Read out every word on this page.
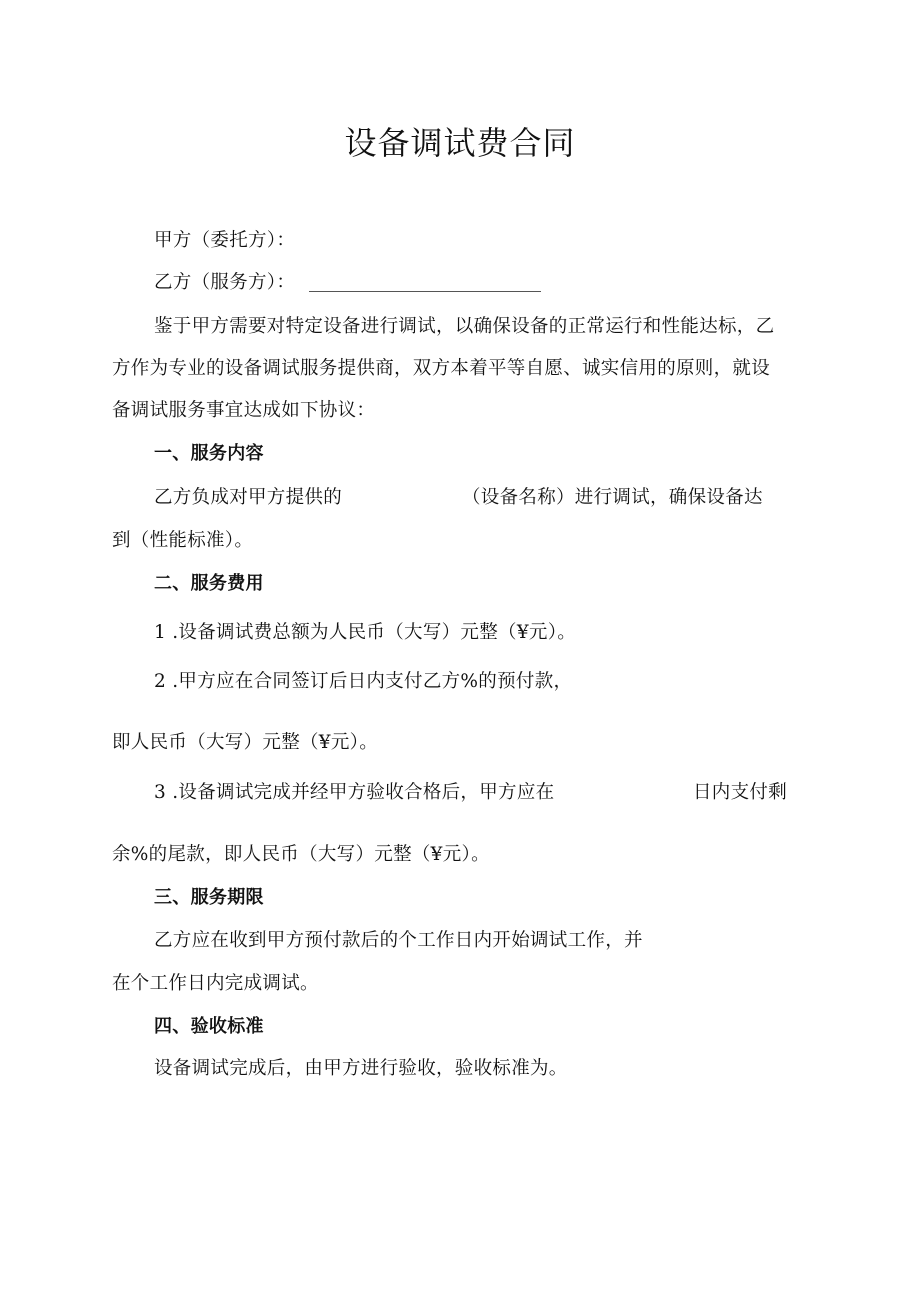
设备调试费合同
甲方（委托方）：
乙方（服务方）：
鉴于甲方需要对特定设备进行调试，以确保设备的正常运行和性能达标，乙
方作为专业的设备调试服务提供商，双方本着平等自愿、诚实信用的原则，就设
备调试服务事宜达成如下协议：
一、服务内容
乙方负成对甲方提供的	（设备名称）进行调试，确保设备达
到（性能标准）。
二、服务费用
1 .设备调试费总额为人民币（大写）元整（¥元）。
2 .甲方应在合同签订后日内支付乙方%的预付款，
即人民币（大写）元整（¥元）。
3 .设备调试完成并经甲方验收合格后，甲方应在	日内支付剩
余%的尾款，即人民币（大写）元整（¥元）。
三、服务期限
乙方应在收到甲方预付款后的个工作日内开始调试工作，并
在个工作日内完成调试。
四、验收标准
设备调试完成后，由甲方进行验收，验收标准为。
